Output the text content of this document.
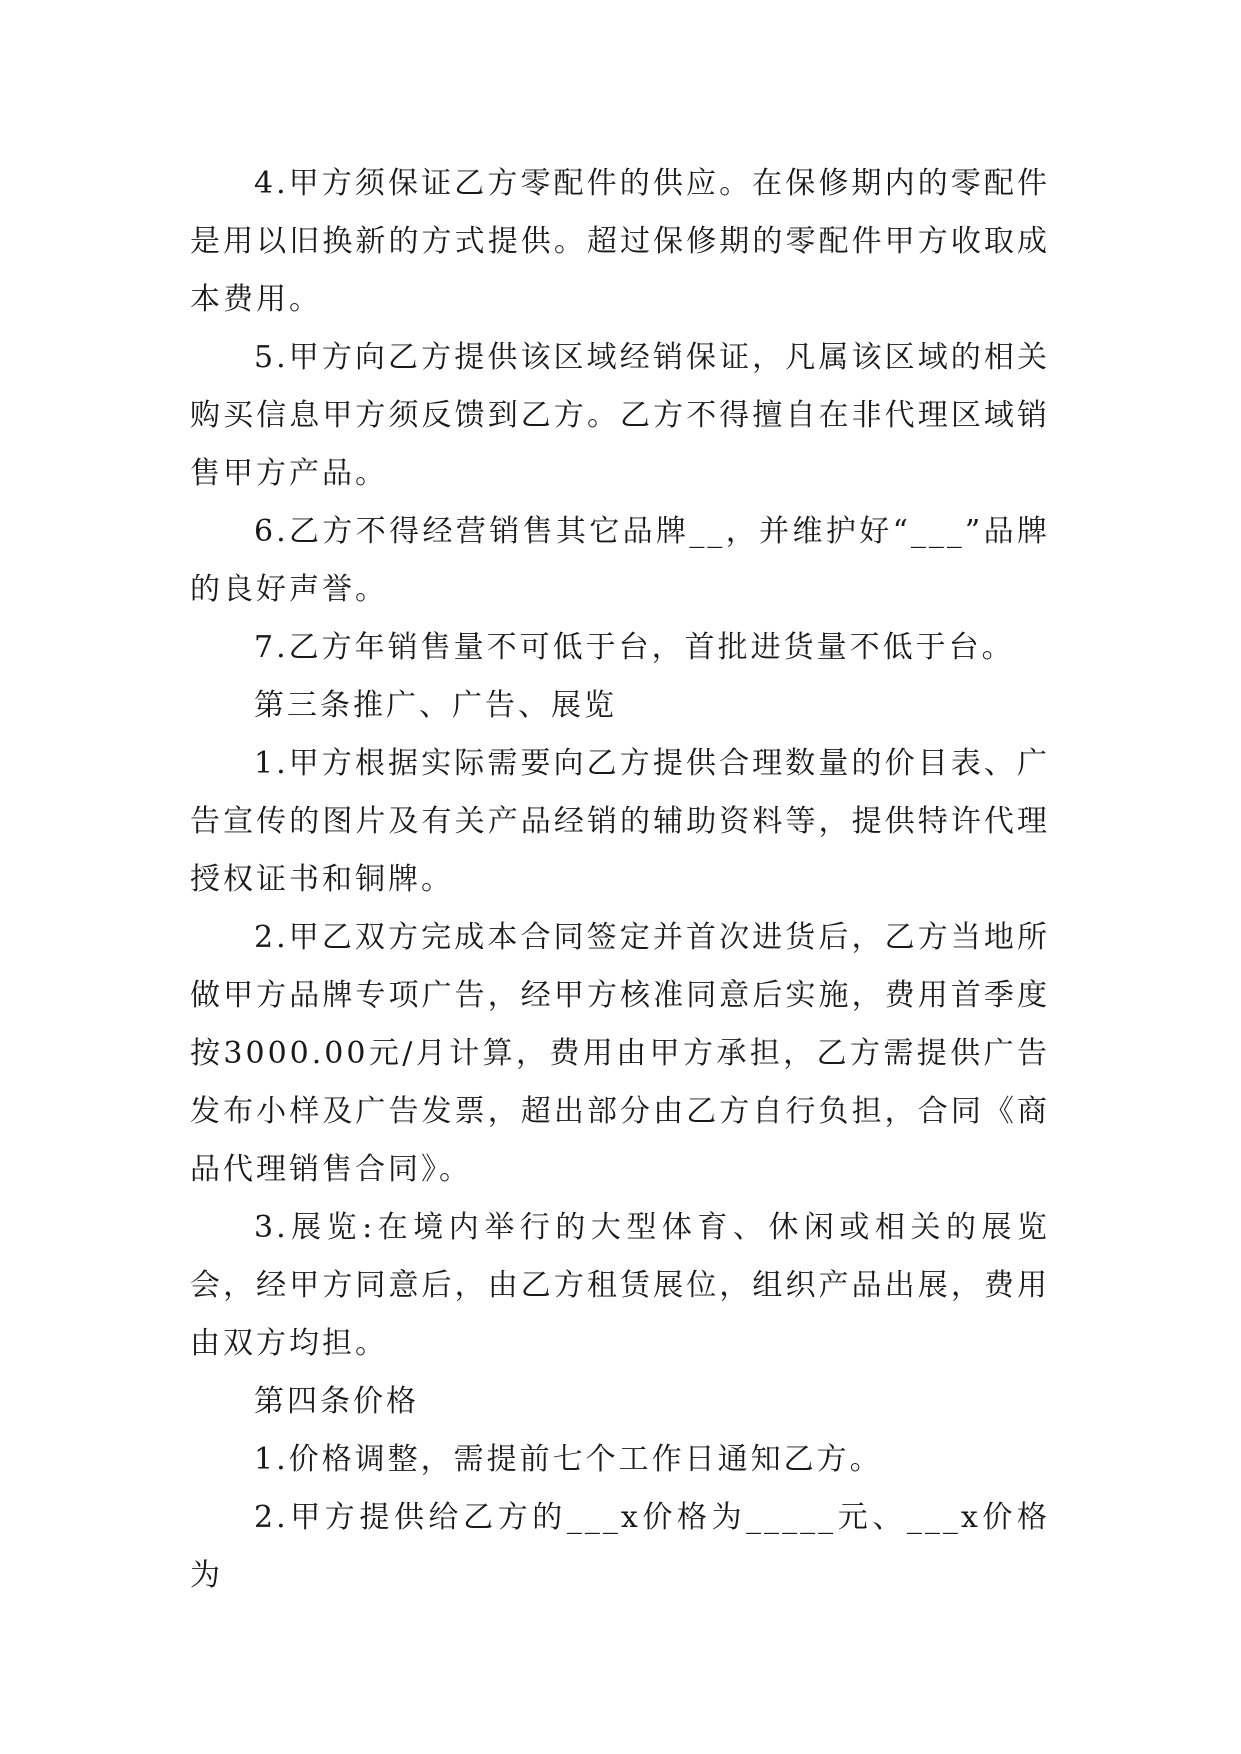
4.甲方须保证乙方零配件的供应。在保修期内的零配件是用以旧换新的方式提供。超过保修期的零配件甲方收取成本费用。

5.甲方向乙方提供该区域经销保证，凡属该区域的相关购买信息甲方须反馈到乙方。乙方不得擅自在非代理区域销售甲方产品。

6.乙方不得经营销售其它品牌__，并维护好“___”品牌的良好声誉。

7.乙方年销售量不可低于台，首批进货量不低于台。

第三条推广、广告、展览

1.甲方根据实际需要向乙方提供合理数量的价目表、广告宣传的图片及有关产品经销的辅助资料等，提供特许代理授权证书和铜牌。

2.甲乙双方完成本合同签定并首次进货后，乙方当地所做甲方品牌专项广告，经甲方核准同意后实施，费用首季度按3000.00元/月计算，费用由甲方承担，乙方需提供广告发布小样及广告发票，超出部分由乙方自行负担，合同《商品代理销售合同》。

3.展览:在境内举行的大型体育、休闲或相关的展览会，经甲方同意后，由乙方租赁展位，组织产品出展，费用由双方均担。

第四条价格

1.价格调整，需提前七个工作日通知乙方。

2.甲方提供给乙方的___x价格为_____元、___x价格为
